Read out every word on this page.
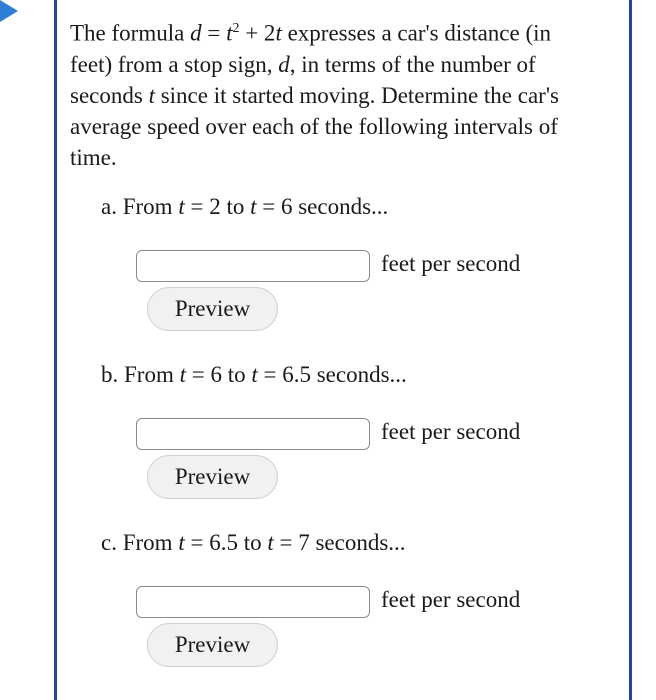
The formula $d = t^2 + 2t$ expresses a car's distance (in
feet) from a stop sign, d, in terms of the number of
seconds t since it started moving. Determine the car's
average speed over each of the following intervals of
time.
a. From t = 2 to t = 6 seconds...
feet per second
Preview
b. From t = 6 to t = 6.5 seconds...
feet per second
Preview
c. From t = 6.5 to t = 7 seconds...
feet per second
Preview
